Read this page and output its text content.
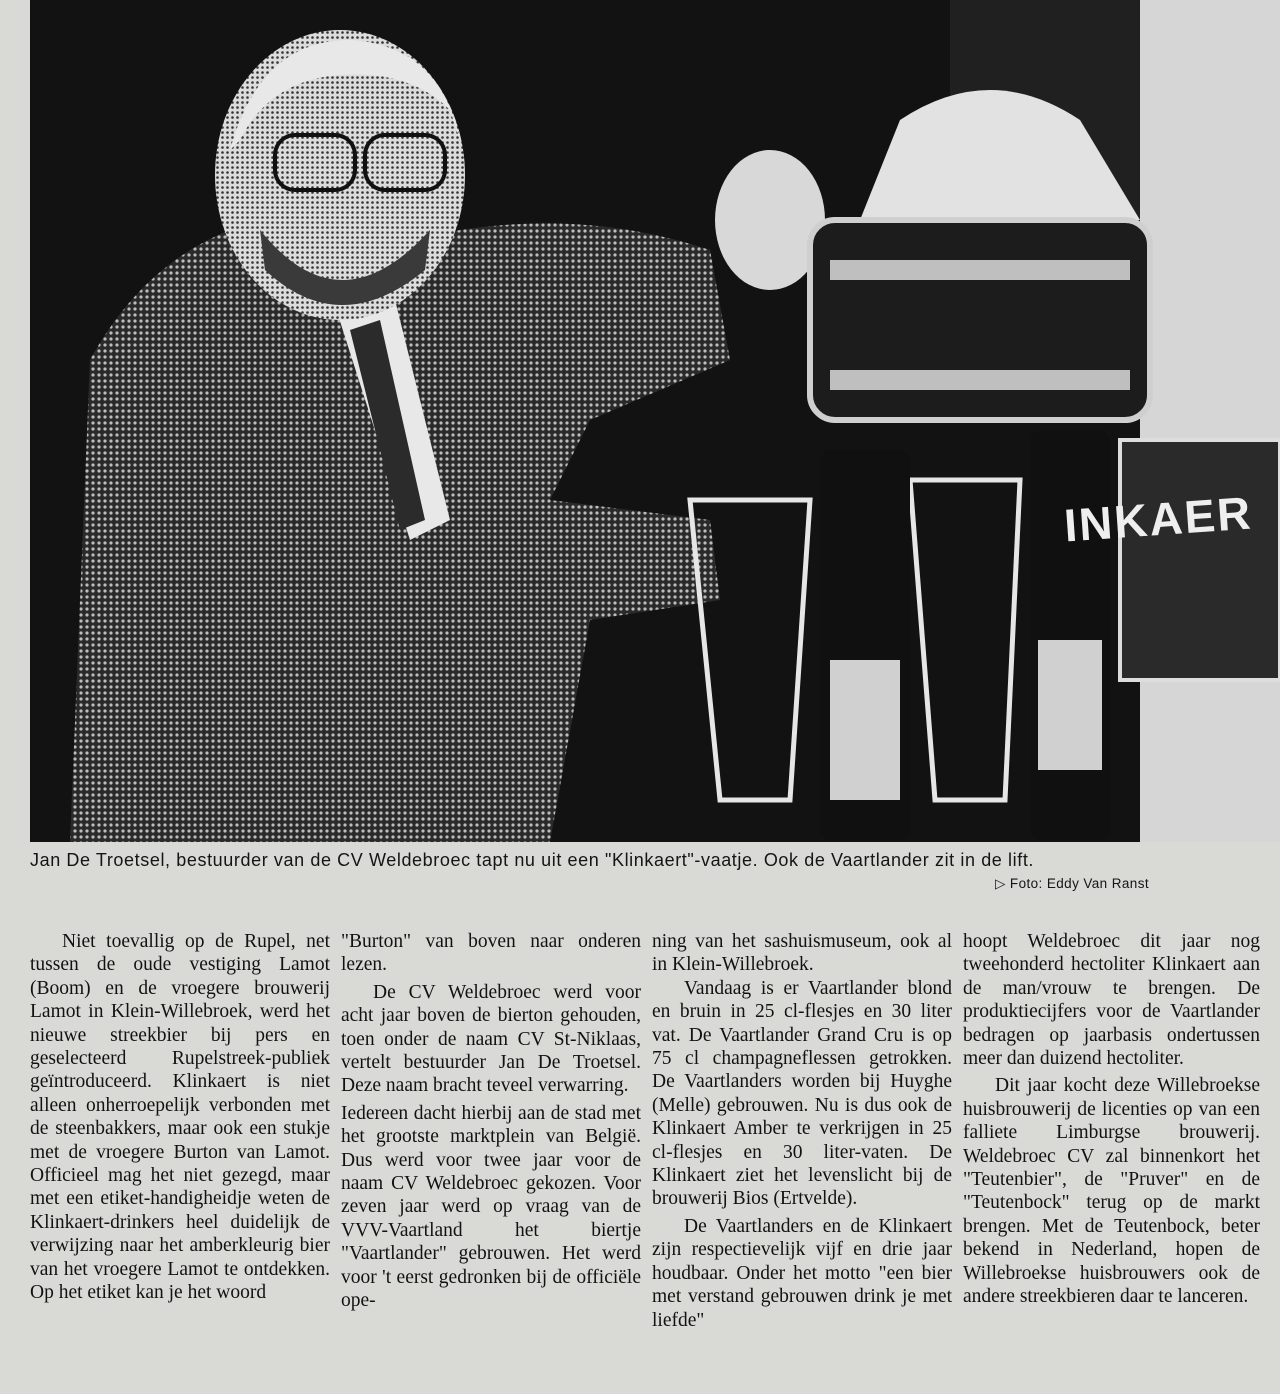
INKAER
Jan De Troetsel, bestuurder van de CV Weldebroec tapt nu uit een "Klinkaert"-vaatje. Ook de Vaartlander zit in de lift.
▷ Foto: Eddy Van Ranst

Niet toevallig op de Rupel, net tussen de oude vestiging Lamot (Boom) en de vroegere brouwerij Lamot in Klein-Willebroek, werd het nieuwe streekbier bij pers en geselecteerd Rupelstreek-publiek geïntroduceerd. Klinkaert is niet alleen onherroepelijk verbonden met de steenbakkers, maar ook een stukje met de vroegere Burton van Lamot. Officieel mag het niet gezegd, maar met een etiket-handigheidje weten de Klinkaert-drinkers heel duidelijk de verwijzing naar het amberkleurig bier van het vroegere Lamot te ontdekken. Op het etiket kan je het woord

"Burton" van boven naar onderen lezen.

De CV Weldebroec werd voor acht jaar boven de bierton gehouden, toen onder de naam CV St-Niklaas, vertelt bestuurder Jan De Troetsel. Deze naam bracht teveel verwarring.

Iedereen dacht hierbij aan de stad met het grootste marktplein van België. Dus werd voor twee jaar voor de naam CV Weldebroec gekozen. Voor zeven jaar werd op vraag van de VVV-Vaartland het biertje "Vaartlander" gebrouwen. Het werd voor 't eerst gedronken bij de officiële ope-

ning van het sashuismuseum, ook al in Klein-Willebroek.

Vandaag is er Vaartlander blond en bruin in 25 cl-flesjes en 30 liter vat. De Vaartlander Grand Cru is op 75 cl champagneflessen getrokken. De Vaartlanders worden bij Huyghe (Melle) gebrouwen. Nu is dus ook de Klinkaert Amber te verkrijgen in 25 cl-flesjes en 30 liter-vaten. De Klinkaert ziet het levenslicht bij de brouwerij Bios (Ertvelde).

De Vaartlanders en de Klinkaert zijn respectievelijk vijf en drie jaar houdbaar. Onder het motto "een bier met verstand gebrouwen drink je met liefde"

hoopt Weldebroec dit jaar nog tweehonderd hectoliter Klinkaert aan de man/vrouw te brengen. De produktiecijfers voor de Vaartlander bedragen op jaarbasis ondertussen meer dan duizend hectoliter.

Dit jaar kocht deze Willebroekse huisbrouwerij de licenties op van een falliete Limburgse brouwerij. Weldebroec CV zal binnenkort het "Teutenbier", de "Pruver" en de "Teutenbock" terug op de markt brengen. Met de Teutenbock, beter bekend in Nederland, hopen de Willebroekse huisbrouwers ook de andere streekbieren daar te lanceren.
